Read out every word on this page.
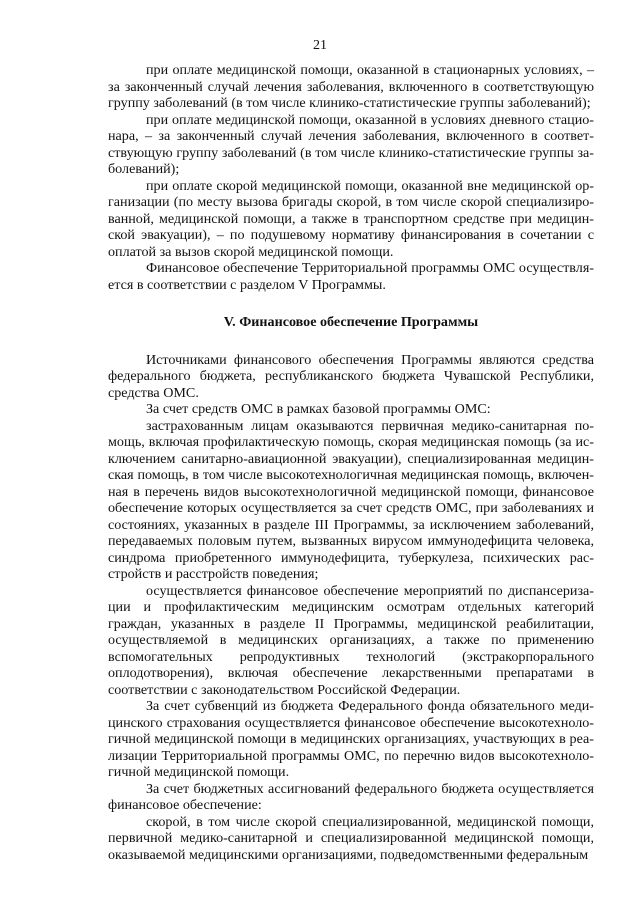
21

при оплате медицинской помощи, оказанной в стационарных условиях, – за законченный случай лечения заболевания, включенного в соответствующую группу заболеваний (в том числе клинико-статистические группы заболеваний);

при оплате медицинской помощи, оказанной в условиях дневного стационара, – за законченный случай лечения заболевания, включенного в соответствующую группу заболеваний (в том числе клинико-статистические группы заболеваний);

при оплате скорой медицинской помощи, оказанной вне медицинской организации (по месту вызова бригады скорой, в том числе скорой специализированной, медицинской помощи, а также в транспортном средстве при медицинской эвакуации), – по подушевому нормативу финансирования в сочетании с оплатой за вызов скорой медицинской помощи.

Финансовое обеспечение Территориальной программы ОМС осуществляется в соответствии с разделом V Программы.

V. Финансовое обеспечение Программы

Источниками финансового обеспечения Программы являются средства федерального бюджета, республиканского бюджета Чувашской Республики, средства ОМС.

За счет средств ОМС в рамках базовой программы ОМС:

застрахованным лицам оказываются первичная медико-санитарная помощь, включая профилактическую помощь, скорая медицинская помощь (за исключением санитарно-авиационной эвакуации), специализированная медицинская помощь, в том числе высокотехнологичная медицинская помощь, включенная в перечень видов высокотехнологичной медицинской помощи, финансовое обеспечение которых осуществляется за счет средств ОМС, при заболеваниях и состояниях, указанных в разделе III Программы, за исключением заболеваний, передаваемых половым путем, вызванных вирусом иммунодефицита человека, синдрома приобретенного иммунодефицита, туберкулеза, психических расстройств и расстройств поведения;

осуществляется финансовое обеспечение мероприятий по диспансеризации и профилактическим медицинским осмотрам отдельных категорий граждан, указанных в разделе II Программы, медицинской реабилитации, осуществляемой в медицинских организациях, а также по применению вспомогательных репродуктивных технологий (экстракорпорального оплодотворения), включая обеспечение лекарственными препаратами в соответствии с законодательством Российской Федерации.

За счет субвенций из бюджета Федерального фонда обязательного медицинского страхования осуществляется финансовое обеспечение высокотехнологичной медицинской помощи в медицинских организациях, участвующих в реализации Территориальной программы ОМС, по перечню видов высокотехнологичной медицинской помощи.

За счет бюджетных ассигнований федерального бюджета осуществляется финансовое обеспечение:

скорой, в том числе скорой специализированной, медицинской помощи, первичной медико-санитарной и специализированной медицинской помощи, оказываемой медицинскими организациями, подведомственными федеральным
